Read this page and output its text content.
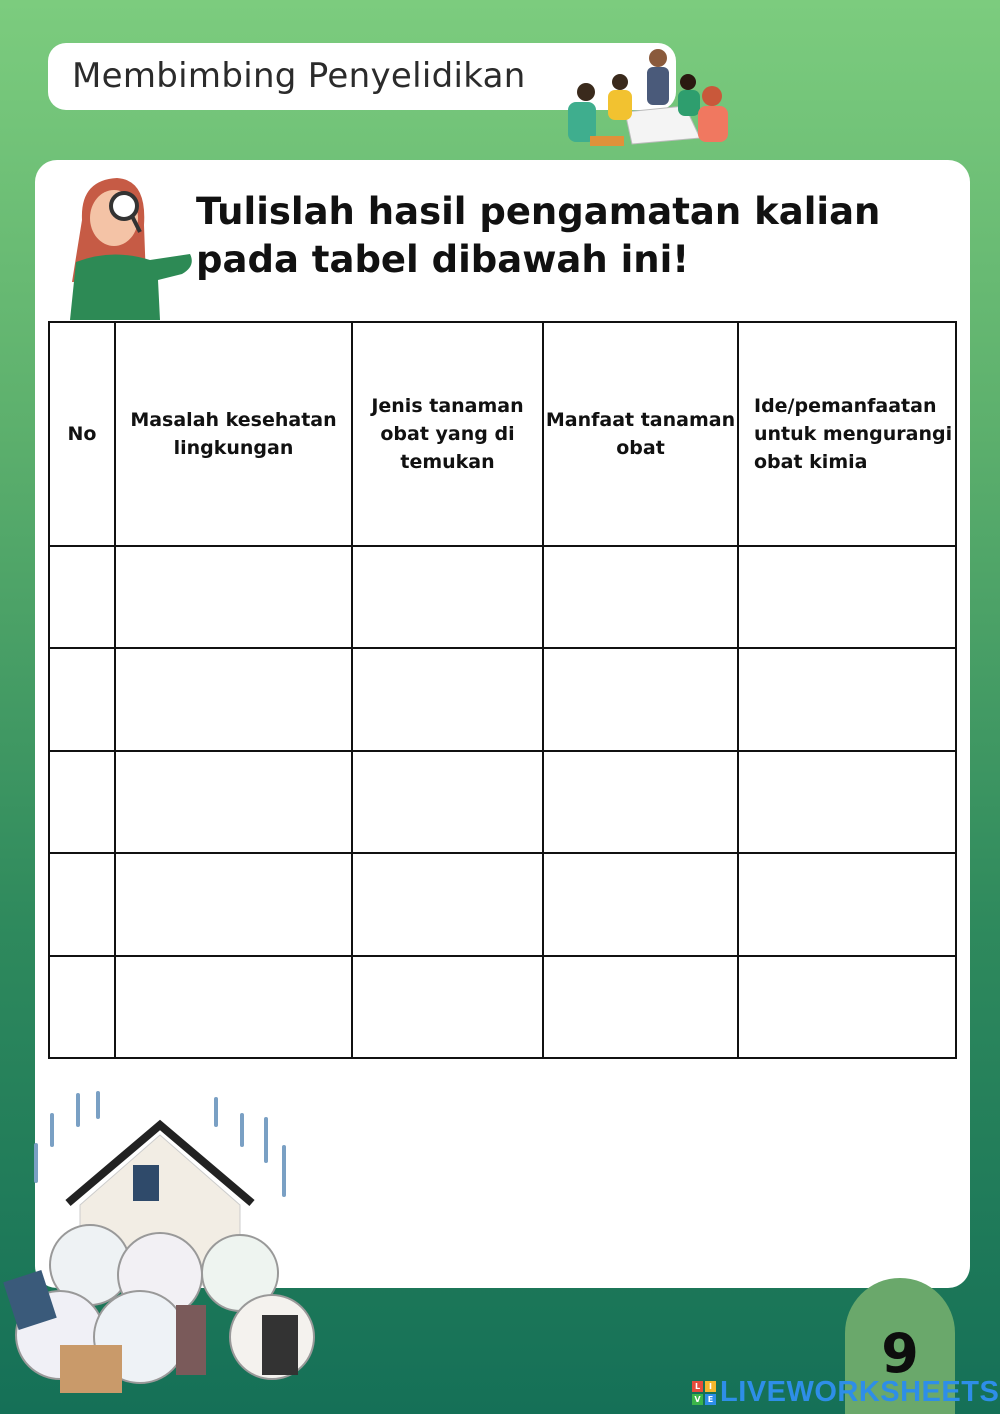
Membimbing Penyelidikan
Tulislah hasil pengamatan kalian pada tabel dibawah ini!
No	Masalah kesehatan lingkungan	Jenis tanaman obat yang di temukan	Manfaat tanaman obat	Ide/pemanfaatan untuk mengurangi obat kimia

9
L	I
V E LIVEWORKSHEETS
